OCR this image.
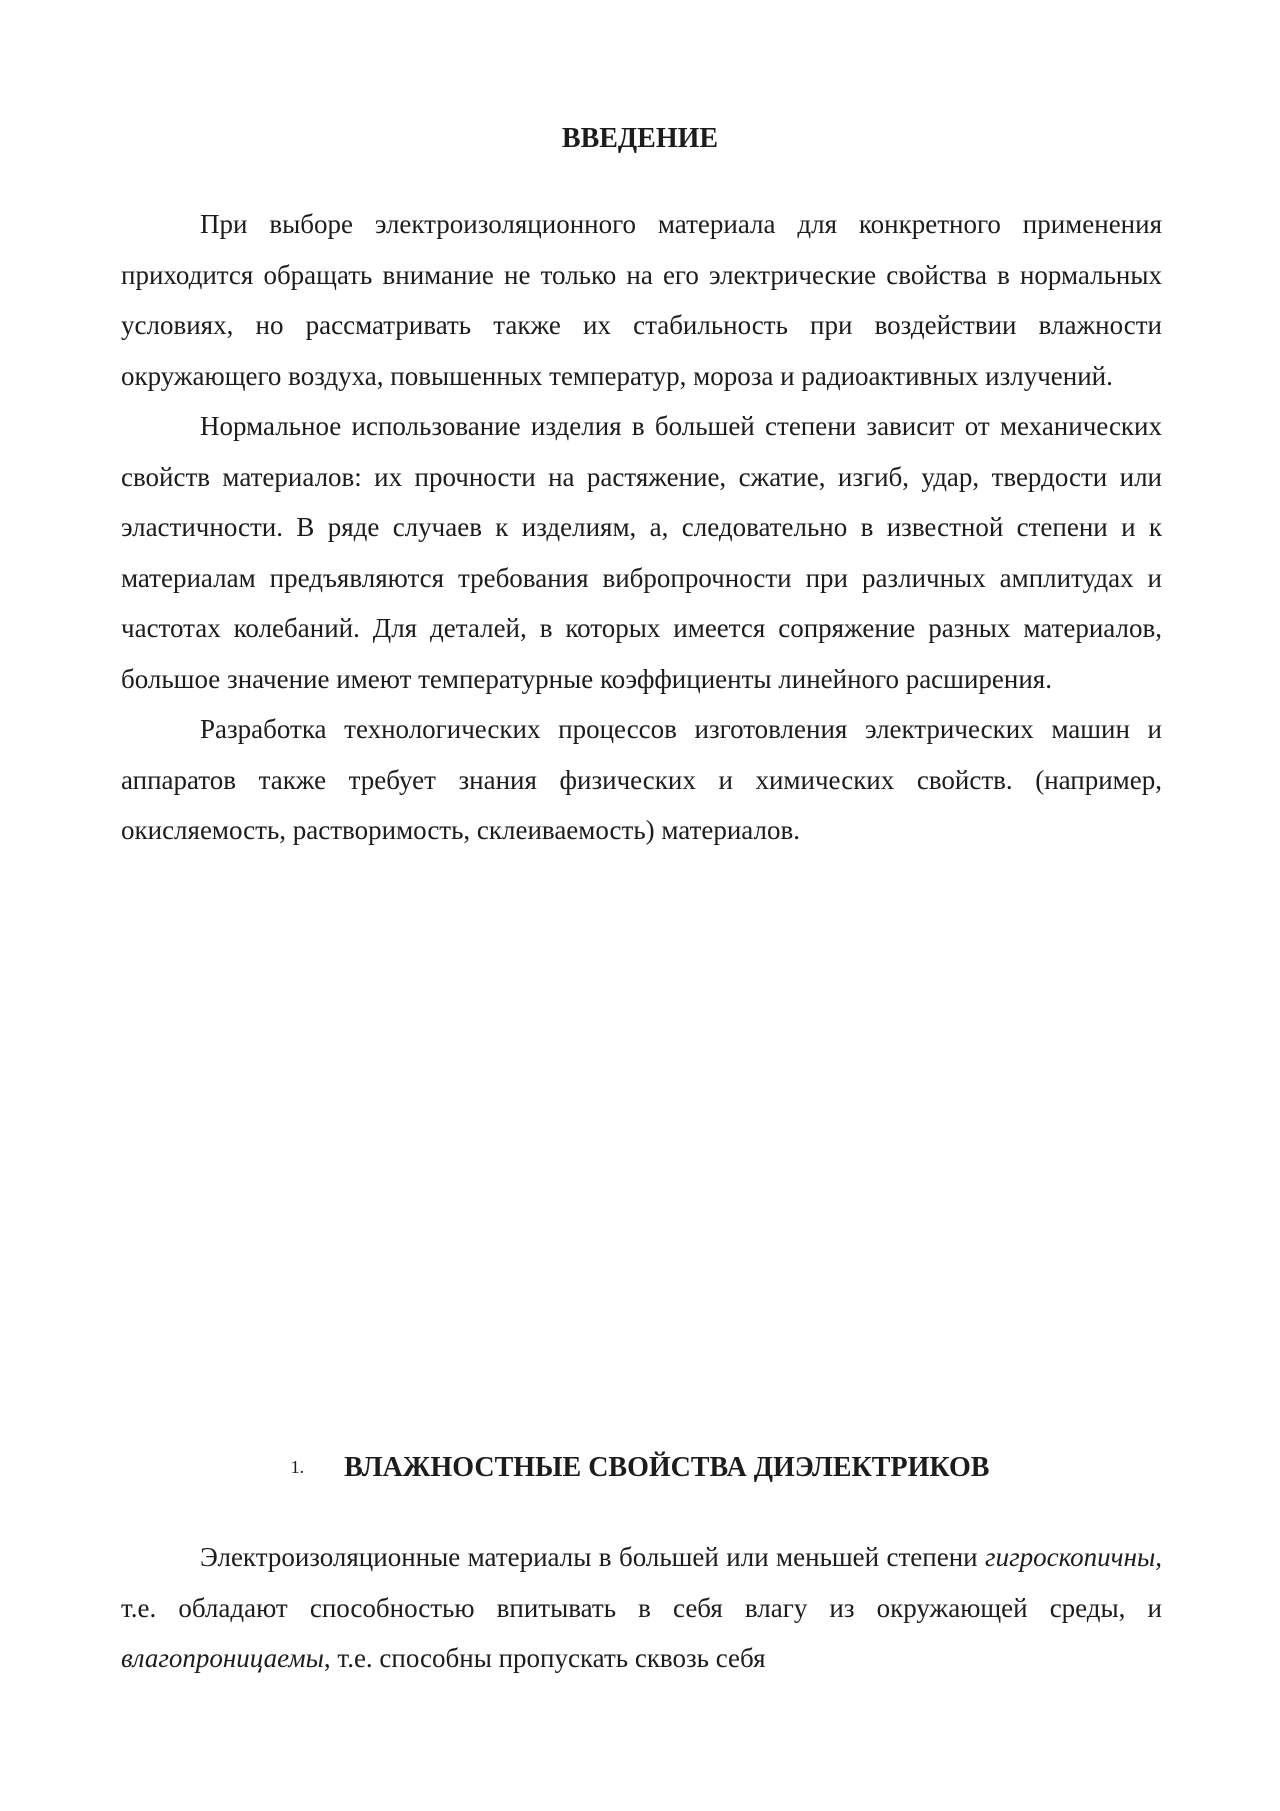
ВВЕДЕНИЕ

При выборе электроизоляционного материала для конкретного применения приходится обращать внимание не только на его электрические свойства в нормальных условиях, но рассматривать также их стабильность при воздействии влажности окружающего воздуха, повышенных температур, мороза и радиоактивных излучений.

Нормальное использование изделия в большей степени зависит от механических свойств материалов: их прочности на растяжение, сжатие, изгиб, удар, твердости или эластичности. В ряде случаев к изделиям, а, следовательно в известной степени и к материалам предъявляются требования вибропрочности при различных амплитудах и частотах колебаний. Для деталей, в которых имеется сопряжение разных материалов, большое значение имеют температурные коэффициенты линейного расширения.

Разработка технологических процессов изготовления электрических машин и аппаратов также требует знания физических и химических свойств. (например, окисляемость, растворимость, склеиваемость) материалов.

1. ВЛАЖНОСТНЫЕ СВОЙСТВА ДИЭЛЕКТРИКОВ

Электроизоляционные материалы в большей или меньшей степени гигроскопичны, т.е. обладают способностью впитывать в себя влагу из окружающей среды, и влагопроницаемы, т.е. способны пропускать сквозь себя
